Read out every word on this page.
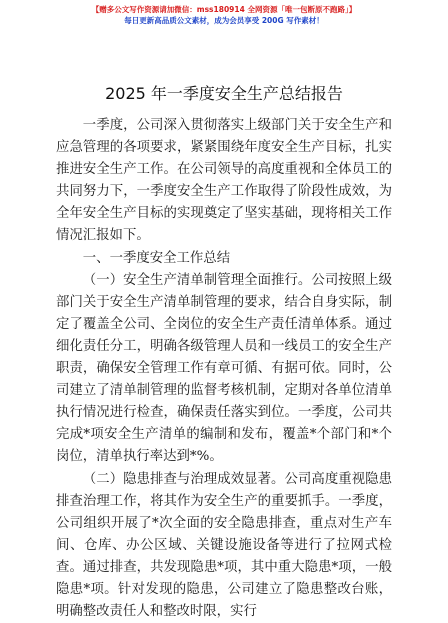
【赠多公文写作资源请加微信：mss180914 全网资源「唯一包断原不跑路」】
每日更新高品质公文素材，成为会员享受 200G 写作素材！
2025 年一季度安全生产总结报告

一季度，公司深入贯彻落实上级部门关于安全生产和应急管理的各项要求，紧紧围绕年度安全生产目标，扎实推进安全生产工作。在公司领导的高度重视和全体员工的共同努力下，一季度安全生产工作取得了阶段性成效，为全年安全生产目标的实现奠定了坚实基础，现将相关工作情况汇报如下。

一、一季度安全工作总结

（一）安全生产清单制管理全面推行。公司按照上级部门关于安全生产清单制管理的要求，结合自身实际，制定了覆盖全公司、全岗位的安全生产责任清单体系。通过细化责任分工，明确各级管理人员和一线员工的安全生产职责，确保安全管理工作有章可循、有据可依。同时，公司建立了清单制管理的监督考核机制，定期对各单位清单执行情况进行检查，确保责任落实到位。一季度，公司共完成*项安全生产清单的编制和发布，覆盖*个部门和*个岗位，清单执行率达到*%。

（二）隐患排查与治理成效显著。公司高度重视隐患排查治理工作，将其作为安全生产的重要抓手。一季度，公司组织开展了*次全面的安全隐患排查，重点对生产车间、仓库、办公区域、关键设施设备等进行了拉网式检查。通过排查，共发现隐患*项，其中重大隐患*项，一般隐患*项。针对发现的隐患，公司建立了隐患整改台账，明确整改责任人和整改时限，实行
